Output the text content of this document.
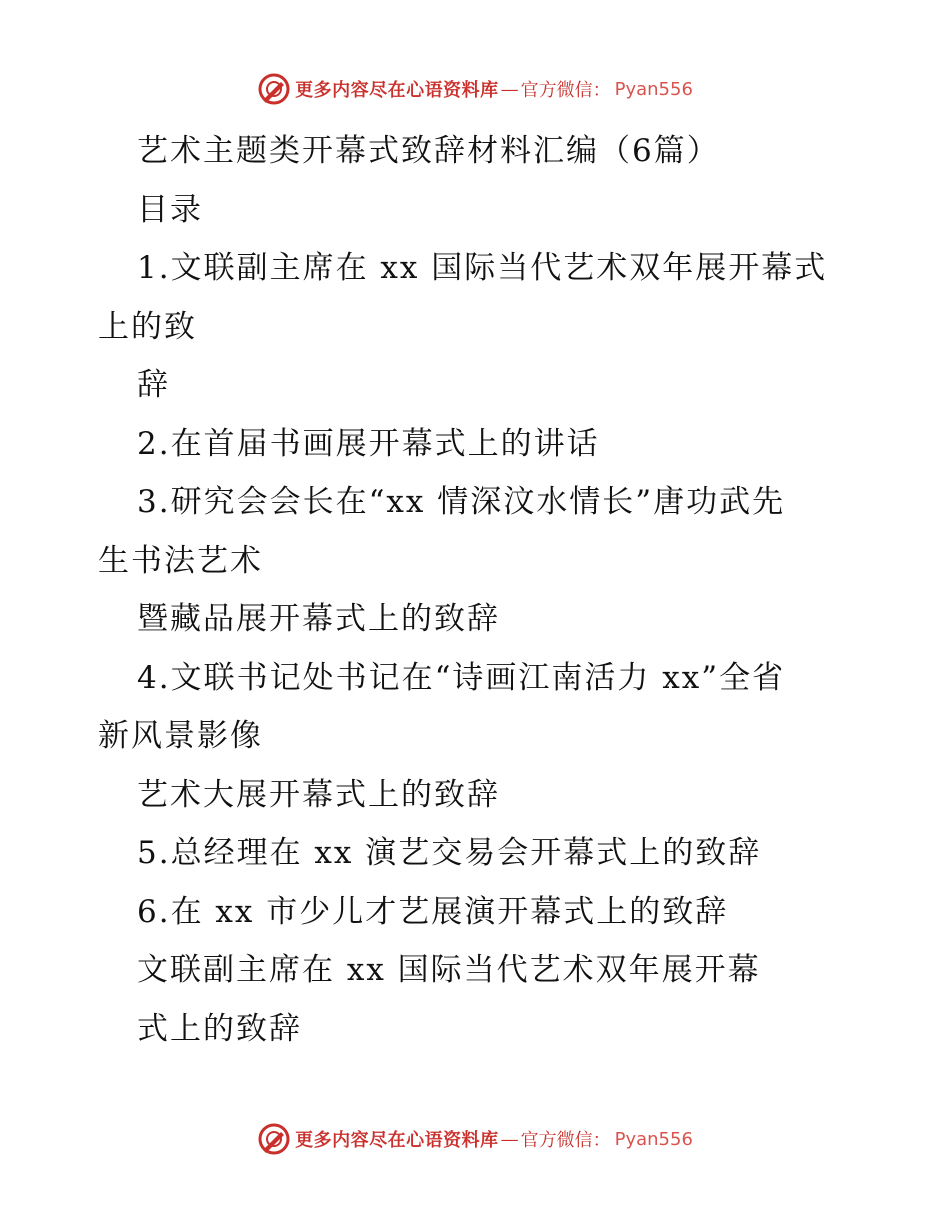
更多内容尽在心语资料库 — 官方微信： Pyan556
艺术主题类开幕式致辞材料汇编（6篇）
目录
1.文联副主席在 xx 国际当代艺术双年展开幕式
上的致
辞
2.在首届书画展开幕式上的讲话
3.研究会会长在“xx 情深汶水情长”唐功武先
生书法艺术
暨藏品展开幕式上的致辞
4.文联书记处书记在“诗画江南活力 xx”全省
新风景影像
艺术大展开幕式上的致辞
5.总经理在 xx 演艺交易会开幕式上的致辞
6.在 xx 市少儿才艺展演开幕式上的致辞
文联副主席在 xx 国际当代艺术双年展开幕
式上的致辞
更多内容尽在心语资料库 — 官方微信： Pyan556
